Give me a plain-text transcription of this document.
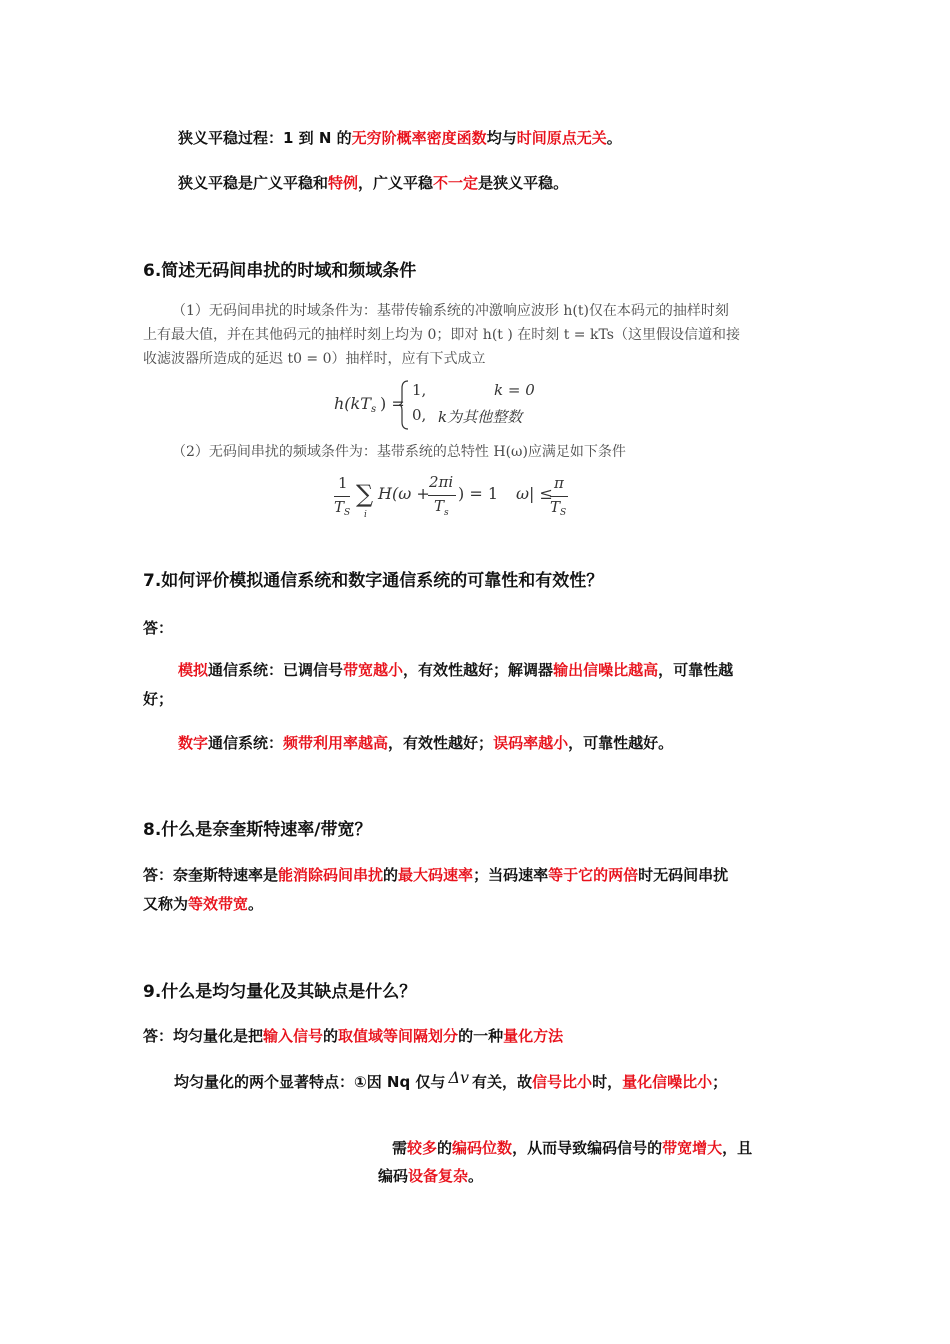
狭义平稳过程：1 到 N 的无穷阶概率密度函数均与时间原点无关。
狭义平稳是广义平稳和特例，广义平稳不一定是狭义平稳。
6.简述无码间串扰的时域和频域条件
（1）无码间串扰的时域条件为：基带传输系统的冲激响应波形 h(t)仅在本码元的抽样时刻
上有最大值，并在其他码元的抽样时刻上均为 0；即对 h(t ) 在时刻 t = kTs（这里假设信道和接
收滤波器所造成的延迟 t0 = 0）抽样时，应有下式成立
h(kT s ) =
1,	k = 0
0, k为其他整数
（2）无码间串扰的频域条件为：基带系统的总特性 H(ω)应满足如下条件
1
T S
∑
i
H(ω +
2πi
T s
) = 1 ω| ≤
π
T S
7.如何评价模拟通信系统和数字通信系统的可靠性和有效性？
答：
模拟通信系统：已调信号带宽越小，有效性越好；解调器输出信噪比越高，可靠性越
好；
数字通信系统：频带利用率越高，有效性越好；误码率越小，可靠性越好。
8.什么是奈奎斯特速率/带宽？
答：奈奎斯特速率是能消除码间串扰的最大码速率；当码速率等于它的两倍时无码间串扰
又称为等效带宽。
9.什么是均匀量化及其缺点是什么？
答：均匀量化是把输入信号的取值域等间隔划分的一种量化方法
均匀量化的两个显著特点：①因 Nq 仅与 Δv 有关，故信号比小时，量化信噪比小；
需较多的编码位数，从而导致编码信号的带宽增大，且
编码设备复杂。
